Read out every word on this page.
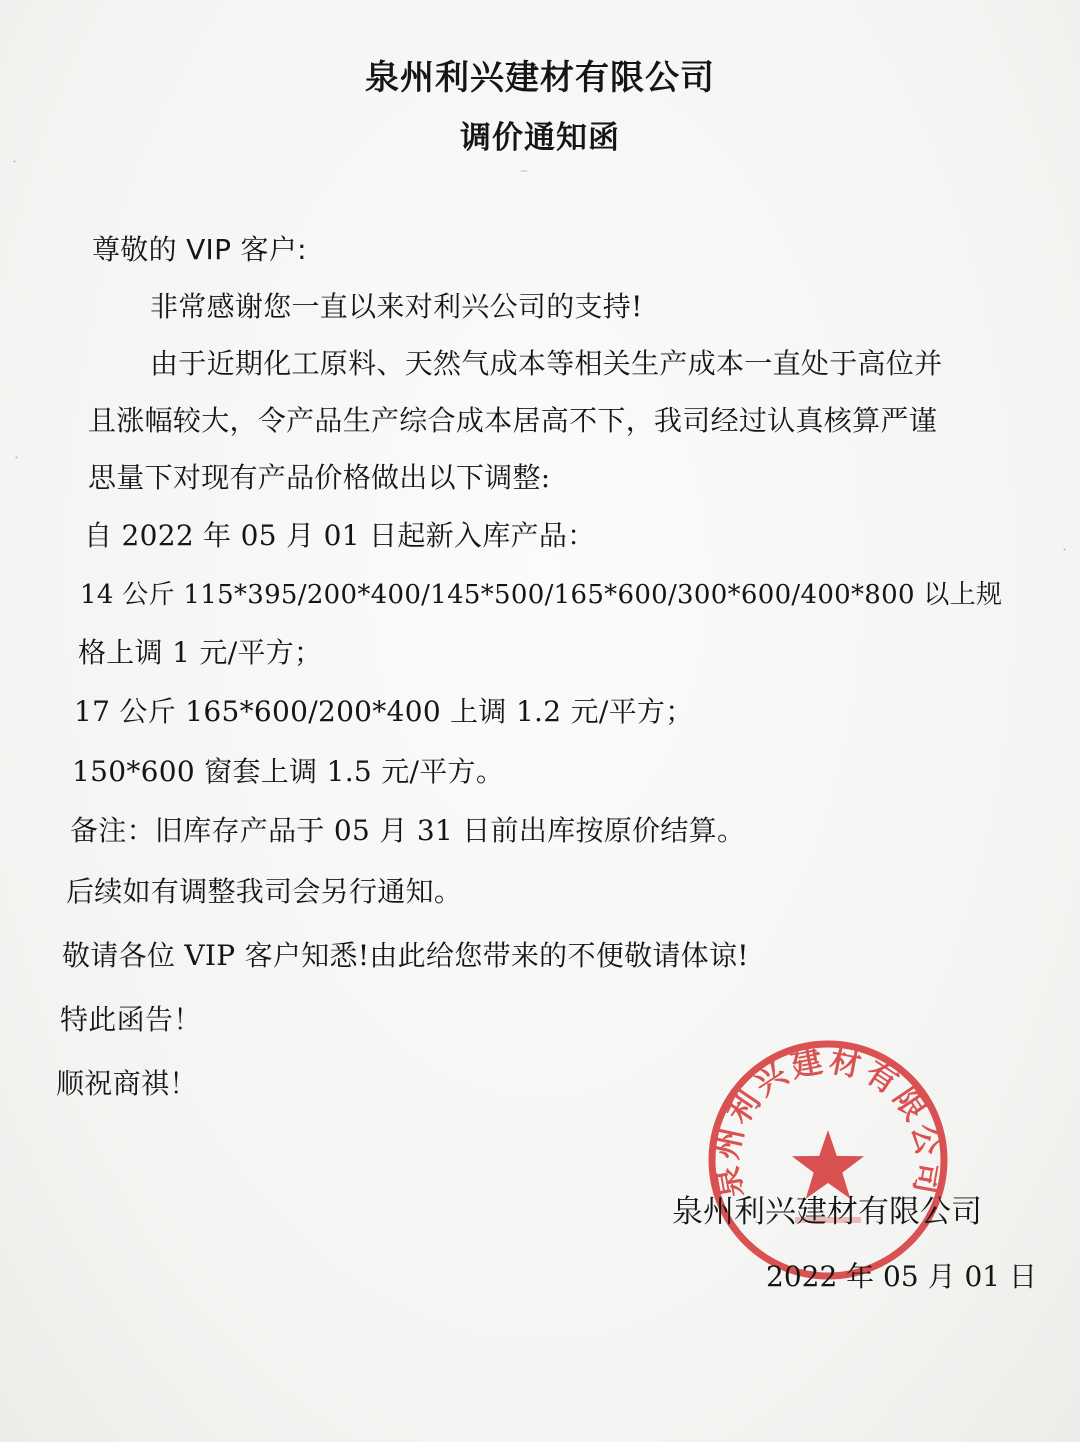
泉州利兴建材有限公司
调价通知函
尊敬的 VIP 客户:
非常感谢您一直以来对利兴公司的支持!
由于近期化工原料、天然气成本等相关生产成本一直处于高位并
且涨幅较大，令产品生产综合成本居高不下，我司经过认真核算严谨
思量下对现有产品价格做出以下调整:
自 2022 年 05 月 01 日起新入库产品：
14 公斤 115*395/200*400/145*500/165*600/300*600/400*800 以上规
格上调 1 元/平方；
17 公斤 165*600/200*400 上调 1.2 元/平方；
150*600 窗套上调 1.5 元/平方。
备注：旧库存产品于 05 月 31 日前出库按原价结算。
后续如有调整我司会另行通知。
敬请各位 VIP 客户知悉!由此给您带来的不便敬请体谅!
特此函告！
顺祝商祺！
泉州利兴建材有限公司
泉州利兴建材有限公司
2022 年 05 月 01 日
·
·
–
·
